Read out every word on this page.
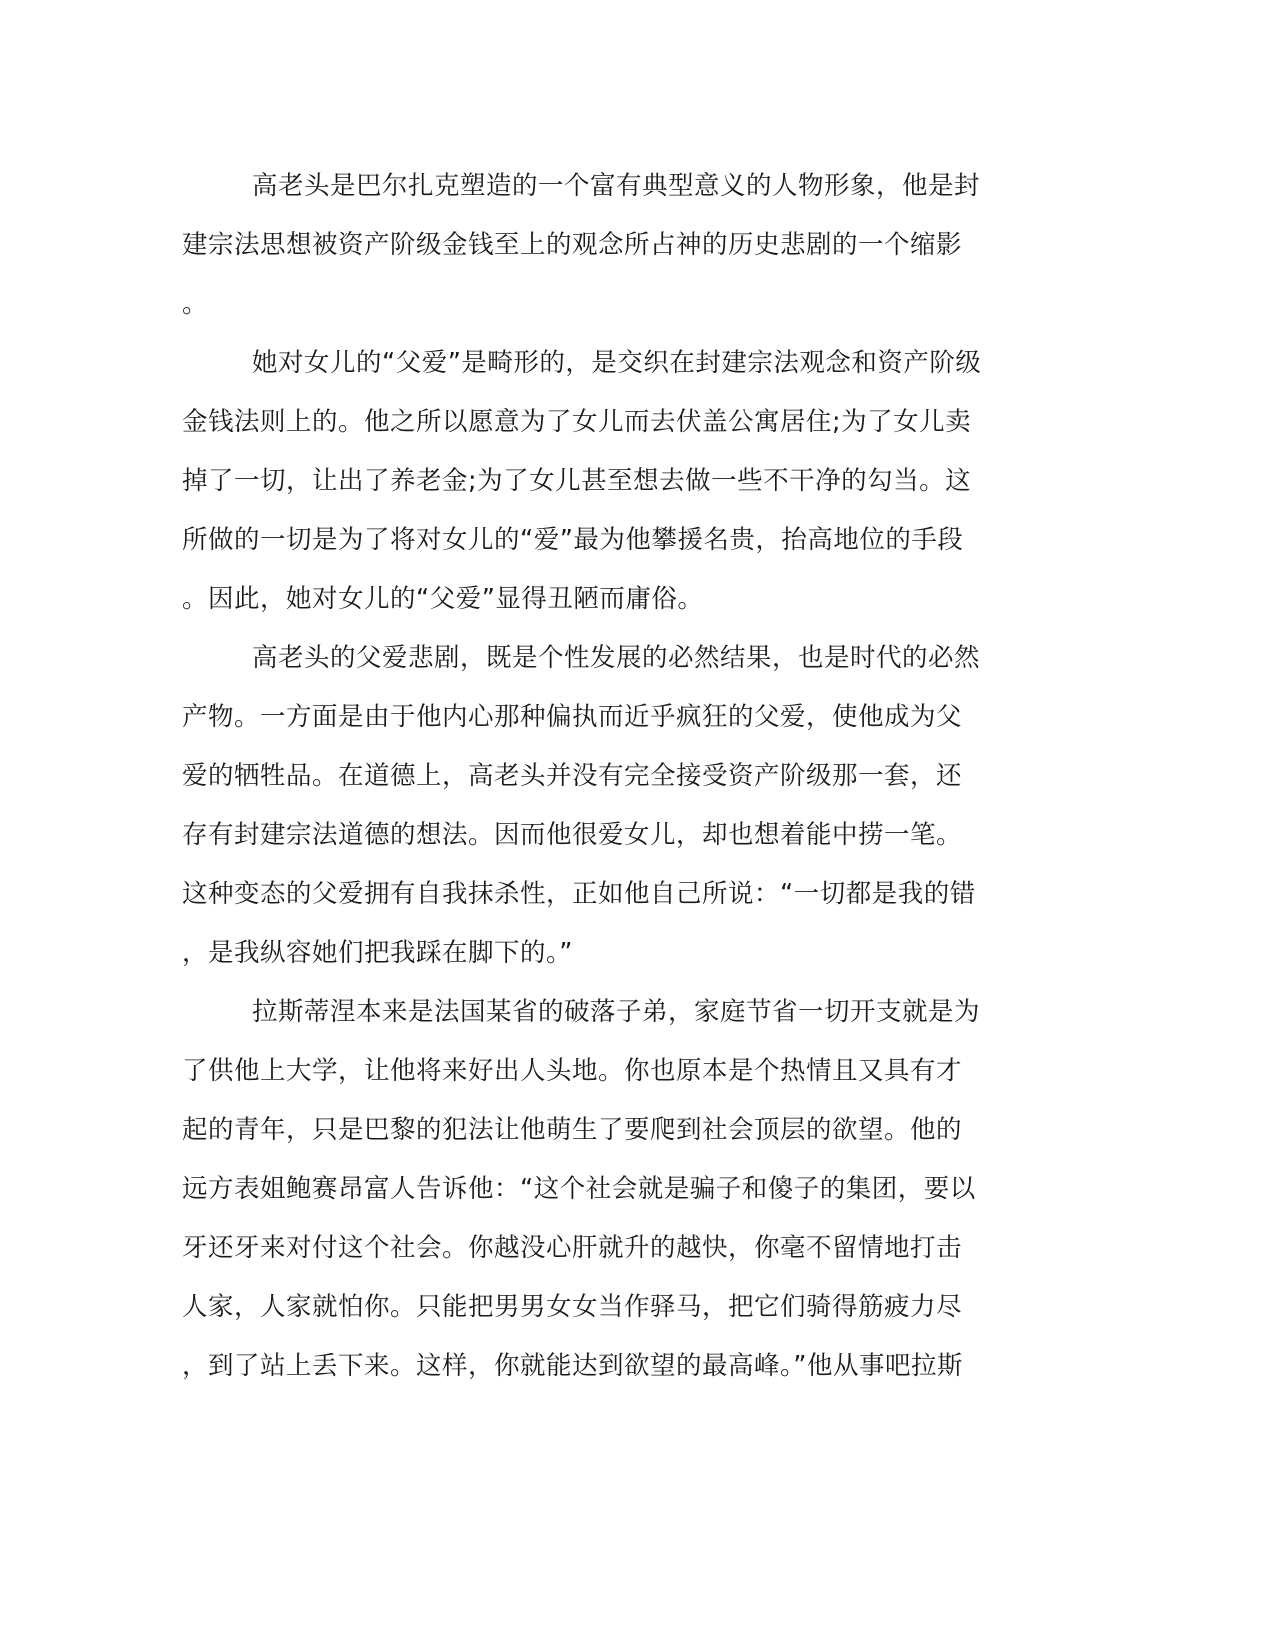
高老头是巴尔扎克塑造的一个富有典型意义的人物形象，他是封
建宗法思想被资产阶级金钱至上的观念所占神的历史悲剧的一个缩影
。
她对女儿的“父爱”是畸形的，是交织在封建宗法观念和资产阶级
金钱法则上的。他之所以愿意为了女儿而去伏盖公寓居住;为了女儿卖
掉了一切，让出了养老金;为了女儿甚至想去做一些不干净的勾当。这
所做的一切是为了将对女儿的“爱”最为他攀援名贵，抬高地位的手段
。因此，她对女儿的“父爱”显得丑陋而庸俗。
高老头的父爱悲剧，既是个性发展的必然结果，也是时代的必然
产物。一方面是由于他内心那种偏执而近乎疯狂的父爱，使他成为父
爱的牺牲品。在道德上，高老头并没有完全接受资产阶级那一套，还
存有封建宗法道德的想法。因而他很爱女儿，却也想着能中捞一笔。
这种变态的父爱拥有自我抹杀性，正如他自己所说：“一切都是我的错
，是我纵容她们把我踩在脚下的。”
拉斯蒂涅本来是法国某省的破落子弟，家庭节省一切开支就是为
了供他上大学，让他将来好出人头地。你也原本是个热情且又具有才
起的青年，只是巴黎的犯法让他萌生了要爬到社会顶层的欲望。他的
远方表姐鲍赛昂富人告诉他：“这个社会就是骗子和傻子的集团，要以
牙还牙来对付这个社会。你越没心肝就升的越快，你毫不留情地打击
人家，人家就怕你。只能把男男女女当作驿马，把它们骑得筋疲力尽
，到了站上丢下来。这样，你就能达到欲望的最高峰。”他从事吧拉斯
